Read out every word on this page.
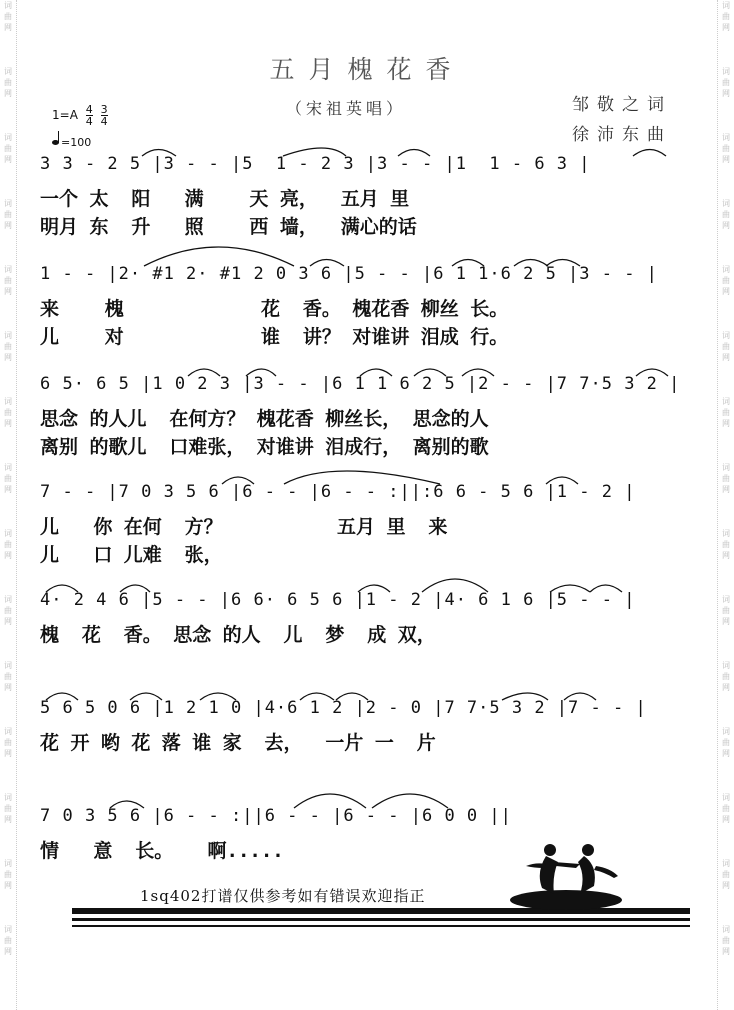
词
曲
网
词
曲
网
词
曲
网
词
曲
网
词
曲
网
词
曲
网
词
曲
网
词
曲
网
词
曲
网
词
曲
网
词
曲
网
词
曲
网
词
曲
网
词
曲
网
词
曲
网
词
曲
网
词
曲
网
词
曲
网
词
曲
网
词
曲
网
词
曲
网
词
曲
网
词
曲
网
词
曲
网
词
曲
网
词
曲
网
词
曲
网
词
曲
网
词
曲
网
词
曲
网
五月槐花香
（宋祖英唱）	邹敬之词
徐沛东曲
$1=A \frac{4}{4}$
$\frac{3}{4}$
=100
3 3 - 2 5 |3 - - |5  1 - 2 3 |3 - - |1  1 - 6 3 |
一个 太  阳   满    天 亮，  五月 里
明月 东  升   照    西 墙，  满心的话
1 - - |2· #1 2· #1 2 0 3 6 |5 - - |6 1 1·6 2 5 |3 - - |
来    槐            花  香。 槐花香 柳丝 长。
儿    对            谁  讲？ 对谁讲 泪成 行。
6 5· 6 5 |1 0 2 3 |3 - - |6 1 1 6 2 5 |2 - - |7 7·5 3 2 |
思念 的人儿  在何方？ 槐花香 柳丝长， 思念的人
离别 的歌儿  口难张， 对谁讲 泪成行， 离别的歌
7 - - |7 0 3 5 6 |6 - - |6 - - :||:6 6 - 5 6 |1 - 2 |
儿   你 在何  方？          五月 里  来
儿   口 儿难  张，
4· 2 4 6 |5 - - |6 6· 6 5 6 |1 - 2 |4· 6 1 6 |5 - - |
槐  花  香。 思念 的人  儿  梦  成 双，
5 6 5 0 6 |1 2 1 0 |4·6 1 2 |2 - 0 |7 7·5 3 2 |7 - - |
花 开 哟 花 落 谁 家  去，  一片 一  片
7 0 3 5 6 |6 - - :||6 - - |6 - - |6 0 0 ||
情   意  长。   啊.....
1sq402打谱仅供参考如有错误欢迎指正
